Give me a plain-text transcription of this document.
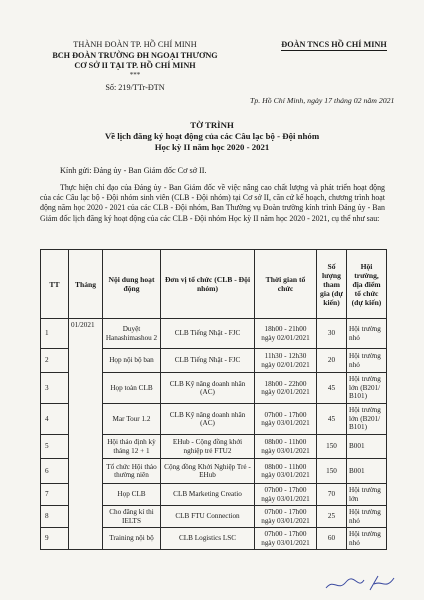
THÀNH ĐOÀN TP. HỒ CHÍ MINH
BCH ĐOÀN TRƯỜNG ĐH NGOẠI THƯƠNG
CƠ SỞ II TẠI TP. HỒ CHÍ MINH
***
Số: 219/TTr-ĐTN
ĐOÀN TNCS HỒ CHÍ MINH
Tp. Hồ Chí Minh, ngày 17 tháng 02 năm 2021
TỜ TRÌNH
Về lịch đăng ký hoạt động của các Câu lạc bộ - Đội nhóm
Học kỳ II năm học 2020 - 2021
Kính gửi: Đảng ủy - Ban Giám đốc Cơ sở II.
Thực hiện chỉ đạo của Đảng ủy - Ban Giám đốc về việc nâng cao chất lượng và phát triển hoạt động của các Câu lạc bộ - Đội nhóm sinh viên (CLB - Đội nhóm) tại Cơ sở II, căn cứ kế hoạch, chương trình hoạt động năm học 2020 - 2021 của các CLB - Đội nhóm, Ban Thường vụ Đoàn trường kính trình Đảng ủy - Ban Giám đốc lịch đăng ký hoạt động của các CLB - Đội nhóm Học kỳ II năm học 2020 - 2021, cụ thể như sau:
TT	Tháng	Nội dung hoạt động	Đơn vị tổ chức (CLB - Đội nhóm)	Thời gian tổ chức	Số lượng tham gia (dự kiến)	Hội trường, địa điểm tổ chức (dự kiến)
1	01/2021	Duyệt Hanashimashou 2	CLB Tiếng Nhật - FJC	18h00 - 21h00
ngày 02/01/2021	30	Hội trường nhỏ
2		Họp nội bộ ban	CLB Tiếng Nhật - FJC	11h30 - 12h30
ngày 02/01/2021	20	Hội trường nhỏ
3		Họp toàn CLB	CLB Kỹ năng doanh nhân (AC)	18h00 - 22h00
ngày 02/01/2021	45	Hội trường lớn (B201/ B101)
4		Mar Tour 1.2	CLB Kỹ năng doanh nhân (AC)	07h00 - 17h00
ngày 03/01/2021	45	Hội trường lớn (B201/ B101)
5		Hội thảo định kỳ tháng 12 + 1	EHub - Cộng đồng khởi nghiệp trẻ FTU2	08h00 - 11h00
ngày 03/01/2021	150	B001
6		Tổ chức Hội thảo thường niên	Cộng đồng Khởi Nghiệp Trẻ - EHub	08h00 - 11h00
ngày 03/01/2021	150	B001
7		Họp CLB	CLB Marketing Creatio	07h00 - 17h00
ngày 03/01/2021	70	Hội trường lớn
8		Cho đăng kí thi IELTS	CLB FTU Connection	07h00 - 17h00
ngày 03/01/2021	25	Hội trường nhỏ
9		Training nội bộ	CLB Logistics LSC	07h00 - 17h00
ngày 03/01/2021	60	Hội trường nhỏ
